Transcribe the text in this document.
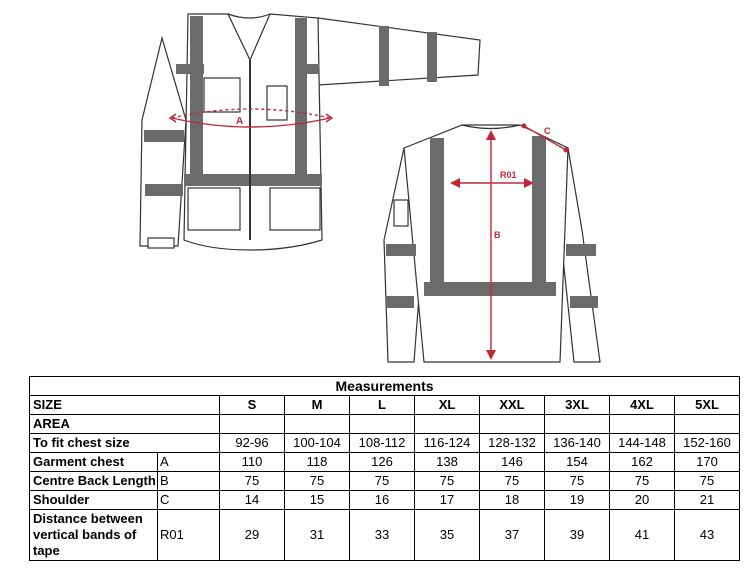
A
B
R01
C
Measurements									
SIZE		S	M	L	XL	XXL	3XL	4XL	5XL
AREA									
To fit chest size		92-96	100-104	108-112	116-124	128-132	136-140	144-148	152-160
Garment chest	A	110	118	126	138	146	154	162	170
Centre Back Length	B	75	75	75	75	75	75	75	75
Shoulder	C	14	15	16	17	18	19	20	21
Distance between vertical bands of tape	R01	29	31	33	35	37	39	41	43
